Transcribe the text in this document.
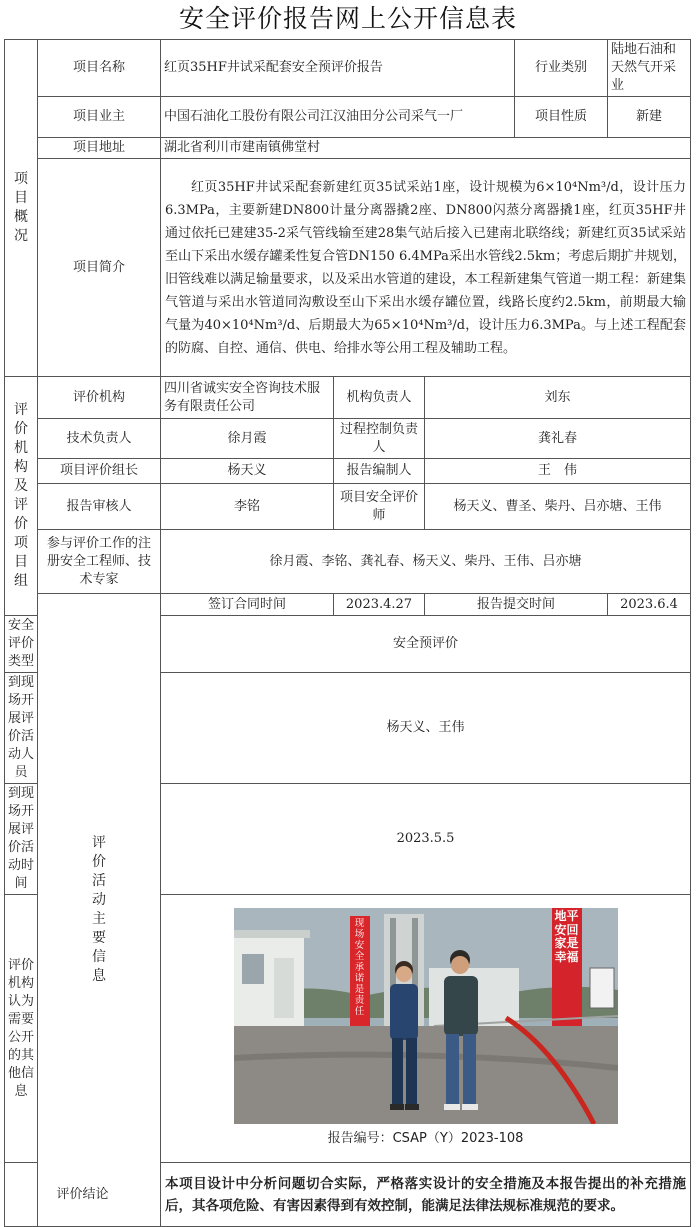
安全评价报告网上公开信息表
项目概况	项目名称	红页35HF井试采配套安全预评价报告			行业类别	陆地石油和天然气开采业
	项目业主	中国石油化工股份有限公司江汉油田分公司采气一厂			项目性质	新建
	项目地址	湖北省利川市建南镇佛堂村				
	项目简介	红页35HF井试采配套新建红页35试采站1座，设计规模为6×10⁴Nm³/d，设计压力6.3MPa，主要新建DN800计量分离器撬2座、DN800闪蒸分离器撬1座，红页35HF井通过依托已建建35-2采气管线输至建28集气站后接入已建南北联络线；新建红页35试采站至山下采出水缓存罐柔性复合管DN150 6.4MPa采出水管线2.5km；考虑后期扩井规划，旧管线难以满足输量要求，以及采出水管道的建设，本工程新建集气管道一期工程：新建集气管道与采出水管道同沟敷设至山下采出水缓存罐位置，线路长度约2.5km，前期最大输气量为40×10⁴Nm³/d、后期最大为65×10⁴Nm³/d，设计压力6.3MPa。与上述工程配套的防腐、自控、通信、供电、给排水等公用工程及辅助工程。				

评价机构及评价项目组	评价机构	四川省诚实安全咨询技术服务有限责任公司	机构负责人	刘东		
	技术负责人	徐月霞	过程控制负责人	龚礼春		
	项目评价组长	杨天义	报告编制人	王　伟		
	报告审核人	李铭	项目安全评价师	杨天义、曹圣、柴丹、吕亦塘、王伟		
	参与评价工作的注册安全工程师、技术专家	徐月霞、李铭、龚礼春、杨天义、柴丹、王伟、吕亦塘				

	评价活动主要信息	签订合同时间	2023.4.27	报告提交时间		2023.6.4
安全评价类型		安全预评价				
到现场开展评价活动人员		杨天义、王伟				
到现场开展评价活动时间		2023.5.5				
评价机构认为需要公开的其他信息		现场安全承诺是责任
地平安回家是幸福
报告编号：CSAP（Y）2023-108				

评价结论		本项目设计中分析问题切合实际，严格落实设计的安全措施及本报告提出的补充措施后，其各项危险、有害因素得到有效控制，能满足法律法规标准规范的要求。				
